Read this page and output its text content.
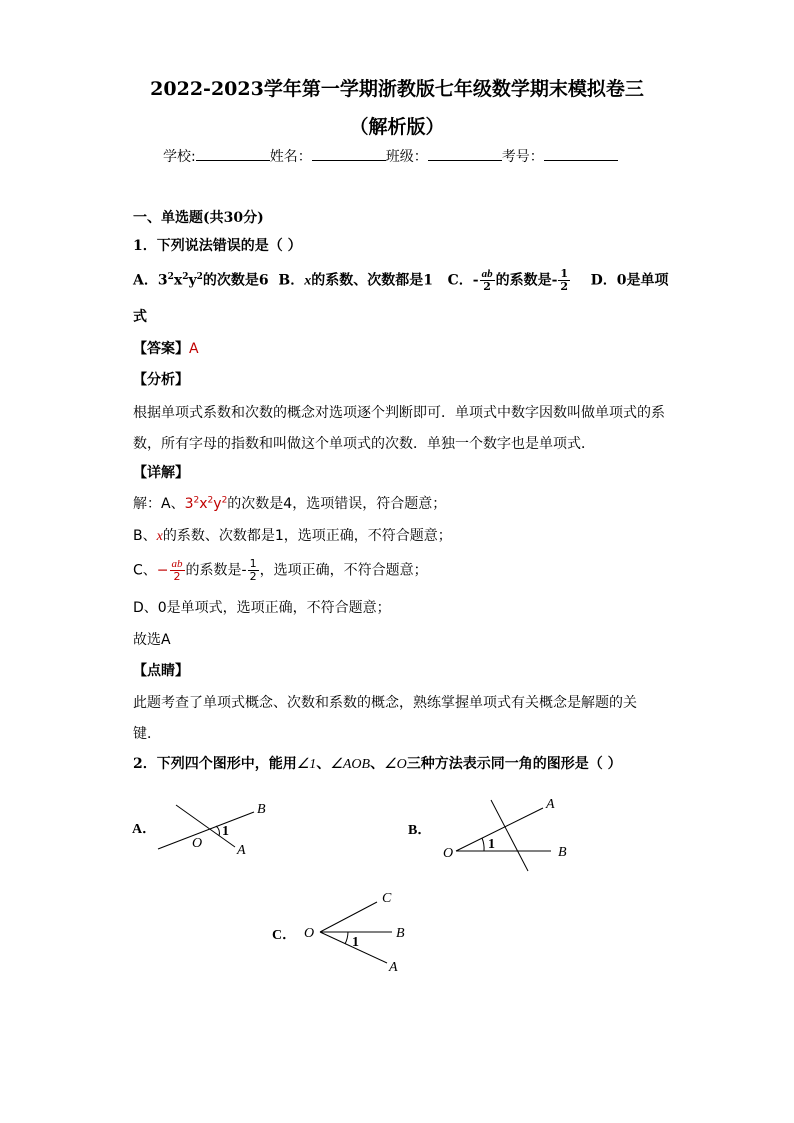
2022-2023学年第一学期浙教版七年级数学期末模拟卷三
（解析版）
学校:	姓名：	班级：	考号：
一、单选题(共30分)
1．下列说法错误的是（ ）
A．$3^2x^2y^2$的次数是6 B．x的系数、次数都是1 C．- $\frac{ab}{2}$ 的系数是- $\frac{1}{2}$ D．0是单项
式
【答案】A
【分析】
根据单项式系数和次数的概念对选项逐个判断即可．单项式中数字因数叫做单项式的系
数，所有字母的指数和叫做这个单项式的次数．单独一个数字也是单项式．
【详解】
解：A、$3^2x^2y^2$的次数是4，选项错误，符合题意；
B、x的系数、次数都是1，选项正确，不符合题意；
C、− $\frac{ab}{2}$ 的系数是- $\frac{1}{2}$ ，选项正确，不符合题意；
D、0是单项式，选项正确，不符合题意；
故选A
【点睛】
此题考查了单项式概念、次数和系数的概念，熟练掌握单项式有关概念是解题的关
键．
2．下列四个图形中，能用∠1、∠AOB、∠O三种方法表示同一角的图形是（ ）
A．
B
O A
1	B．
A
O	B
1
C．
C
O	B
A
1
